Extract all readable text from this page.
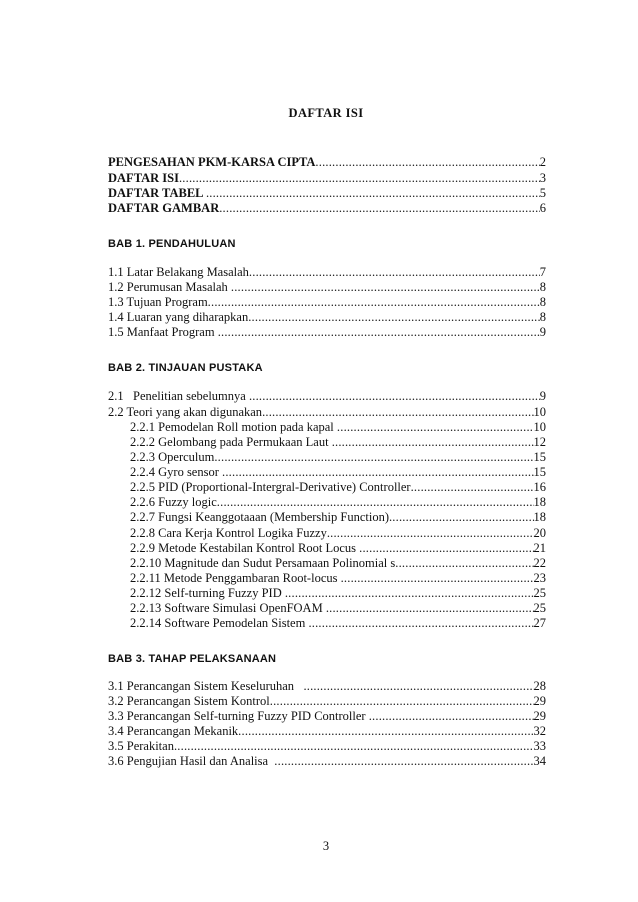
DAFTAR ISI
PENGESAHAN PKM-KARSA CIPTA .....	2
DAFTAR ISI .....	3
DAFTAR TABEL .....	5
DAFTAR GAMBAR .....	6
BAB 1. PENDAHULUAN
1.1 Latar Belakang Masalah .....	7
1.2 Perumusan Masalah .....	8
1.3 Tujuan Program .....	8
1.4 Luaran yang diharapkan .....	8
1.5 Manfaat Program .....	9
BAB 2. TINJAUAN PUSTAKA
2.1   Penelitian sebelumnya .....	9
2.2 Teori yang akan digunakan .....	10
2.2.1 Pemodelan Roll motion pada kapal .....	10
2.2.2 Gelombang pada Permukaan Laut .....	12
2.2.3 Operculum .....	15
2.2.4 Gyro sensor .....	15
2.2.5 PID (Proportional-Intergral-Derivative) Controller .....	16
2.2.6 Fuzzy logic .....	18
2.2.7 Fungsi Keanggotaaan (Membership Function) .....	18
2.2.8 Cara Kerja Kontrol Logika Fuzzy .....	20
2.2.9 Metode Kestabilan Kontrol Root Locus .....	21
2.2.10 Magnitude dan Sudut Persamaan Polinomial s .....	22
2.2.11 Metode Penggambaran Root-locus .....	23
2.2.12 Self-turning Fuzzy PID .....	25
2.2.13 Software Simulasi OpenFOAM .....	25
2.2.14 Software Pemodelan Sistem .....	27
BAB 3. TAHAP PELAKSANAAN
3.1 Perancangan Sistem Keseluruhan .....	28
3.2 Perancangan Sistem Kontrol .....	29
3.3 Perancangan Self-turning Fuzzy PID Controller .....	29
3.4 Perancangan Mekanik .....	32
3.5 Perakitan .....	33
3.6 Pengujian Hasil dan Analisa .....	34
3
